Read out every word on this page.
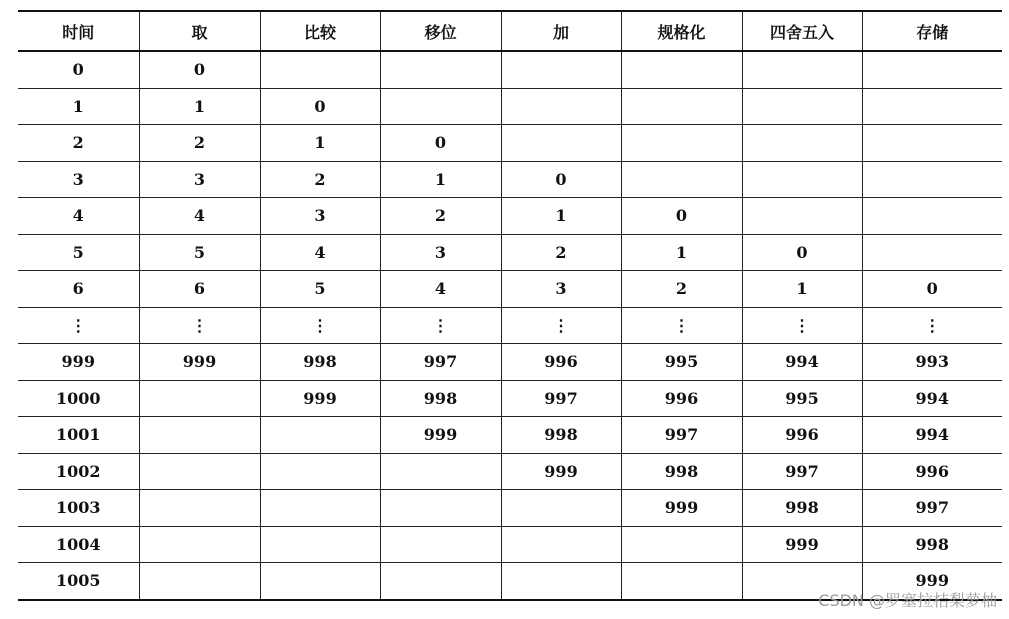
时间	取	比较	移位	加	规格化	四舍五入	存储
0	0						
1	1	0					
2	2	1	0				
3	3	2	1	0			
4	4	3	2	1	0		
5	5	4	3	2	1	0	
6	6	5	4	3	2	1	0
⋮	⋮	⋮	⋮	⋮	⋮	⋮	⋮
999	999	998	997	996	995	994	993
1000		999	998	997	996	995	994
1001			999	998	997	996	994
1002				999	998	997	996
1003					999	998	997
1004						999	998
1005							999
CSDN @罗塞拉桔梨萝柚
